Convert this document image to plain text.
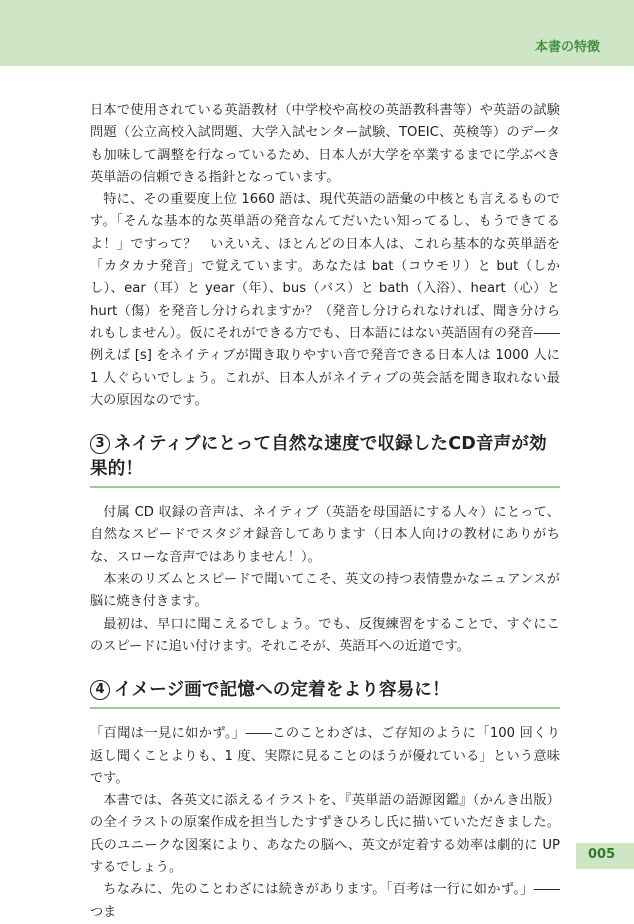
本書の特徴

日本で使用されている英語教材（中学校や高校の英語教科書等）や英語の試験問題（公立高校入試問題、大学入試センター試験、TOEIC、英検等）のデータも加味して調整を行なっているため、日本人が大学を卒業するまでに学ぶべき英単語の信頼できる指針となっています。

特に、その重要度上位 1660 語は、現代英語の語彙の中核とも言えるものです。「そんな基本的な英単語の発音なんてだいたい知ってるし、もうできてるよ！」ですって？　いえいえ、ほとんどの日本人は、これら基本的な英単語を「カタカナ発音」で覚えています。あなたは bat（コウモリ）と but（しかし）、ear（耳）と year（年）、bus（バス）と bath（入浴）、heart（心）と hurt（傷）を発音し分けられますか？（発音し分けられなければ、聞き分けられもしません）。仮にそれができる方でも、日本語にはない英語固有の発音――例えば [s] をネイティブが聞き取りやすい音で発音できる日本人は 1000 人に 1 人ぐらいでしょう。これが、日本人がネイティブの英会話を聞き取れない最大の原因なのです。

3 ネイティブにとって自然な速度で収録したCD音声が効果的！

付属 CD 収録の音声は、ネイティブ（英語を母国語にする人々）にとって、自然なスピードでスタジオ録音してあります（日本人向けの教材にありがちな、スローな音声ではありません！）。

本来のリズムとスピードで聞いてこそ、英文の持つ表情豊かなニュアンスが脳に焼き付きます。

最初は、早口に聞こえるでしょう。でも、反復練習をすることで、すぐにこのスピードに追い付けます。それこそが、英語耳への近道です。

4 イメージ画で記憶への定着をより容易に！

「百聞は一見に如かず。」――このことわざは、ご存知のように「100 回くり返し聞くことよりも、1 度、実際に見ることのほうが優れている」という意味です。

本書では、各英文に添えるイラストを、『英単語の語源図鑑』（かんき出版）の全イラストの原案作成を担当したすずきひろし氏に描いていただきました。氏のユニークな図案により、あなたの脳へ、英文が定着する効率は劇的に UP するでしょう。

ちなみに、先のことわざには続きがあります。「百考は一行に如かず。」――つま

005
